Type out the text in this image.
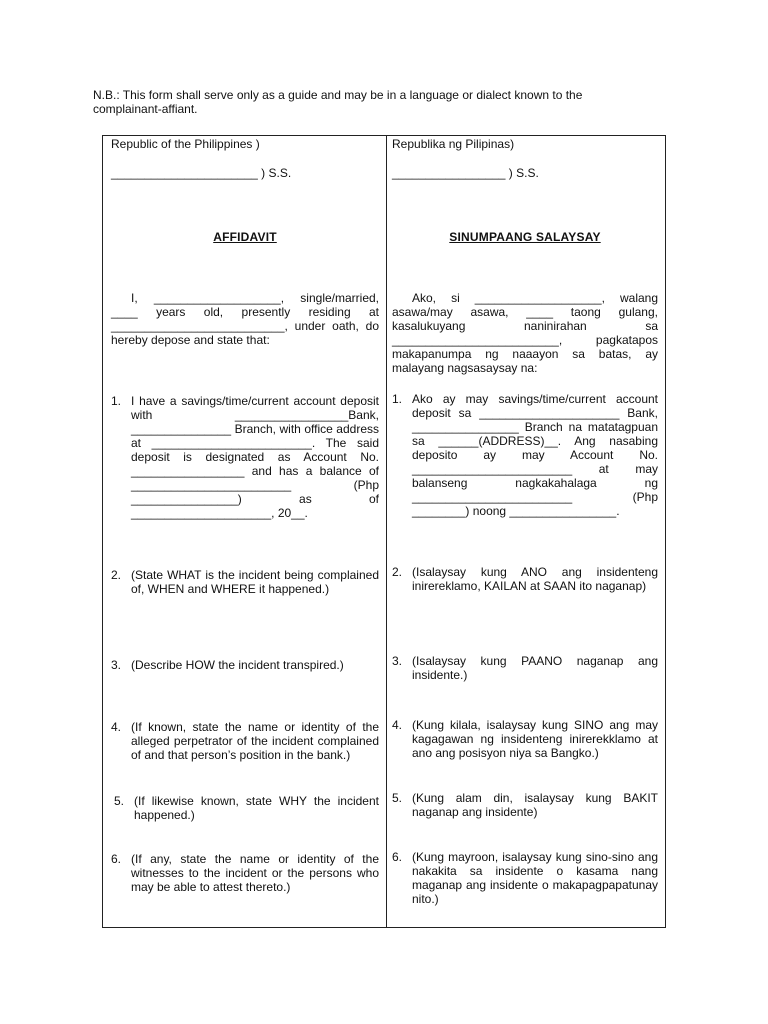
N.B.: This form shall serve only as a guide and may be in a language or dialect known to the
complainant-affiant.
Republic of the Philippines )
______________________ ) S.S.
AFFIDAVIT
I, ___________________, single/married, ____ years old, presently residing at __________________________, under oath, do hereby depose and state that:
1. I have a savings/time/current account deposit with _________________Bank, _______________ Branch, with office address at ________________________. The said deposit is designated as Account No. _________________ and has a balance of ________________________ (Php ________________) as of _____________________, 20__.
2. (State WHAT is the incident being complained of, WHEN and WHERE it happened.)
3. (Describe HOW the incident transpired.)
4. (If known, state the name or identity of the alleged perpetrator of the incident complained of and that person’s position in the bank.)
5. (If likewise known, state WHY the incident happened.)
6. (If any, state the name or identity of the witnesses to the incident or the persons who may be able to attest thereto.)
Republika ng Pilipinas)
_________________ ) S.S.
SINUMPAANG SALAYSAY
Ako, si ___________________, walang asawa/may asawa, ____ taong gulang, kasalukuyang naninirahan sa _________________________, pagkatapos makapanumpa ng naaayon sa batas, ay malayang nagsasaysay na:
1. Ako ay may savings/time/current account deposit sa _____________________ Bank, ________________ Branch na matatagpuan sa ______(ADDRESS)__. Ang nasabing deposito ay may Account No. ________________________ at may balanseng nagkakahalaga ng ________________________ (Php ________) noong ________________.
2. (Isalaysay kung ANO ang insidenteng inirereklamo, KAILAN at SAAN ito naganap)
3. (Isalaysay kung PAANO naganap ang insidente.)
4. (Kung kilala, isalaysay kung SINO ang may kagagawan ng insidenteng inirerekklamo at ano ang posisyon niya sa Bangko.)
5. (Kung alam din, isalaysay kung BAKIT naganap ang insidente)
6. (Kung mayroon, isalaysay kung sino-sino ang nakakita sa insidente o kasama nang maganap ang insidente o makapagpapatunay nito.)
